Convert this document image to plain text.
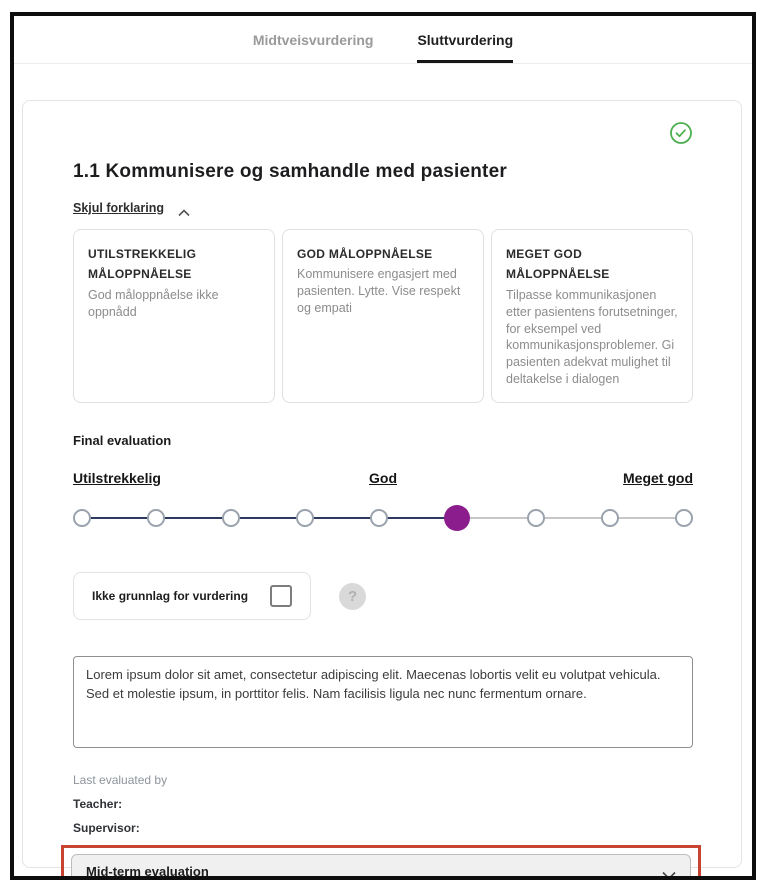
Midtveisvurdering	Sluttvurdering
1.1 Kommunisere og samhandle med pasienter
Skjul forklaring
UTILSTREKKELIG MÅLOPPNÅELSE
God måloppnåelse ikke oppnådd
GOD MÅLOPPNÅELSE
Kommunisere engasjert med pasienten. Lytte. Vise respekt og empati
MEGET GOD MÅLOPPNÅELSE
Tilpasse kommunikasjonen etter pasientens forutsetninger, for eksempel ved kommunikasjonsproblemer. Gi pasienten adekvat mulighet til deltakelse i dialogen
Final evaluation
Utilstrekkelig	God	Meget god
Ikke grunnlag for vurdering	?
Lorem ipsum dolor sit amet, consectetur adipiscing elit. Maecenas lobortis velit eu volutpat vehicula. Sed et molestie ipsum, in porttitor felis. Nam facilisis ligula nec nunc fermentum ornare.
Last evaluated by
Teacher:
Supervisor:
Mid-term evaluation
